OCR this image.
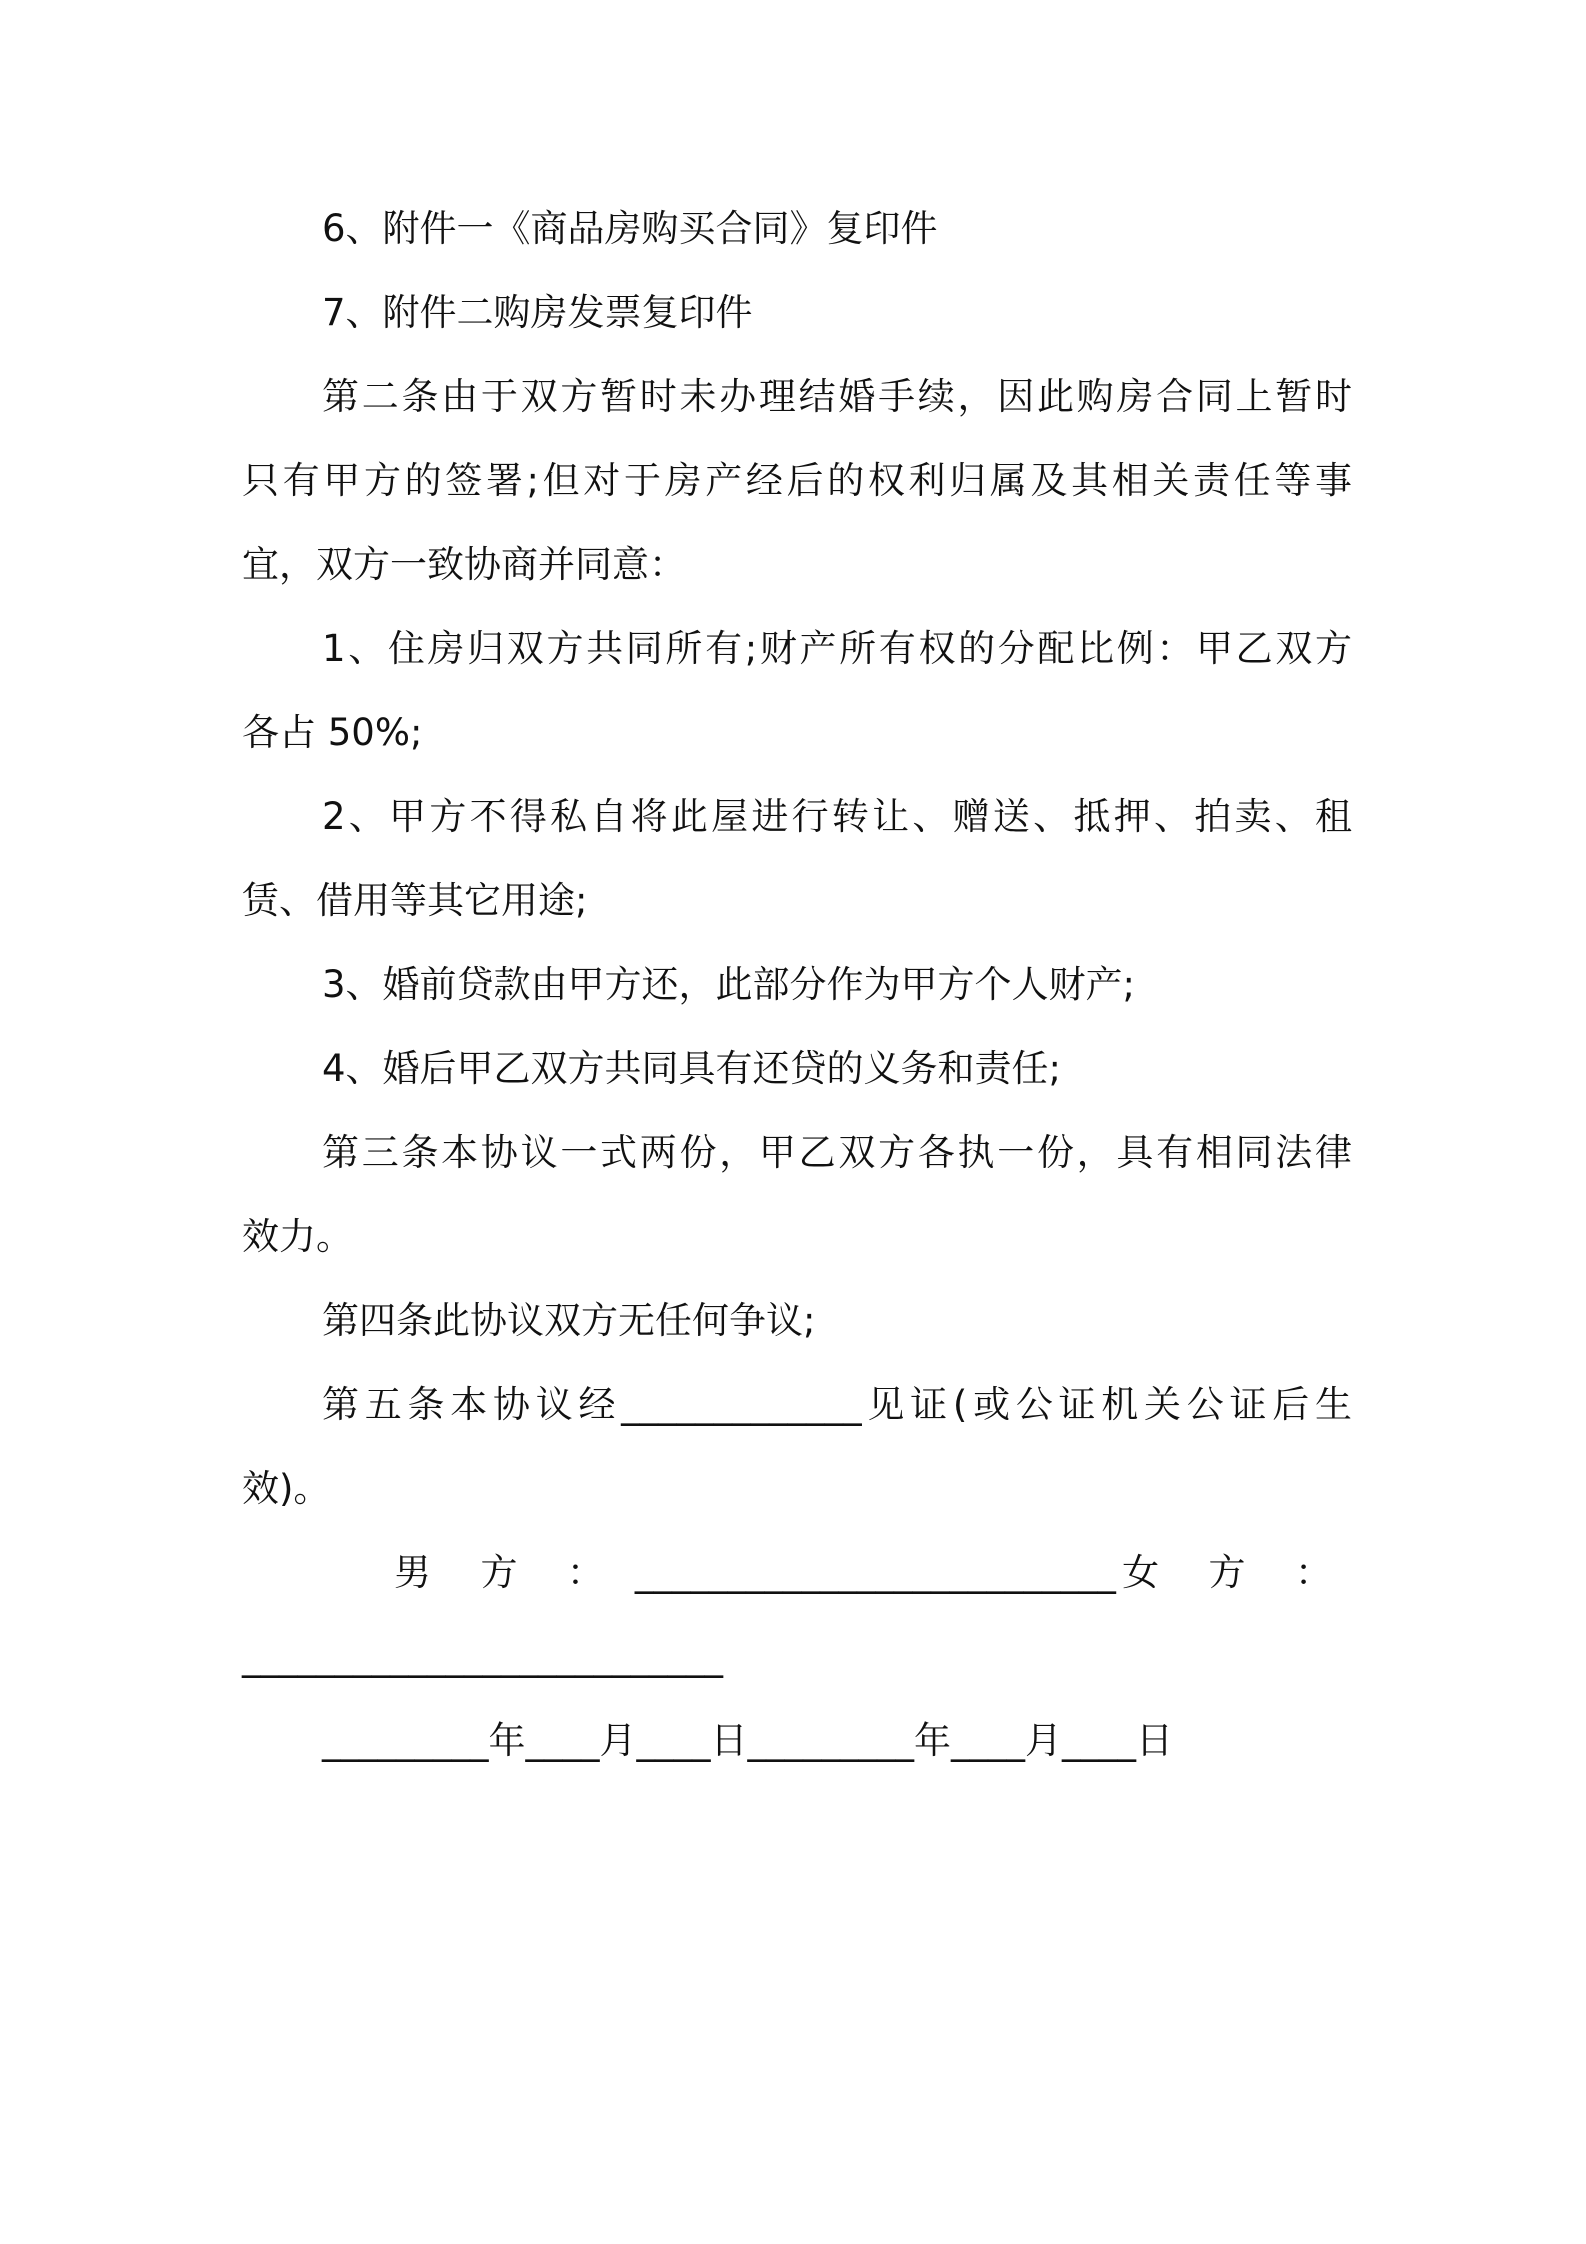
6、附件一《商品房购买合同》复印件
7、附件二购房发票复印件
第二条由于双方暂时未办理结婚手续，因此购房合同上暂时
只有甲方的签署;但对于房产经后的权利归属及其相关责任等事
宜，双方一致协商并同意：
1、住房归双方共同所有;财产所有权的分配比例：甲乙双方
各占 50%;
2、甲方不得私自将此屋进行转让、赠送、抵押、拍卖、租
赁、借用等其它用途;
3、婚前贷款由甲方还，此部分作为甲方个人财产;
4、婚后甲乙双方共同具有还贷的义务和责任;
第三条本协议一式两份，甲乙双方各执一份，具有相同法律
效力。
第四条此协议双方无任何争议;
第五条本协议经_____________见证(或公证机关公证后生
效)。
男　方　：　__________________________女　方　：
__________________________
_________年____月____日_________年____月____日
